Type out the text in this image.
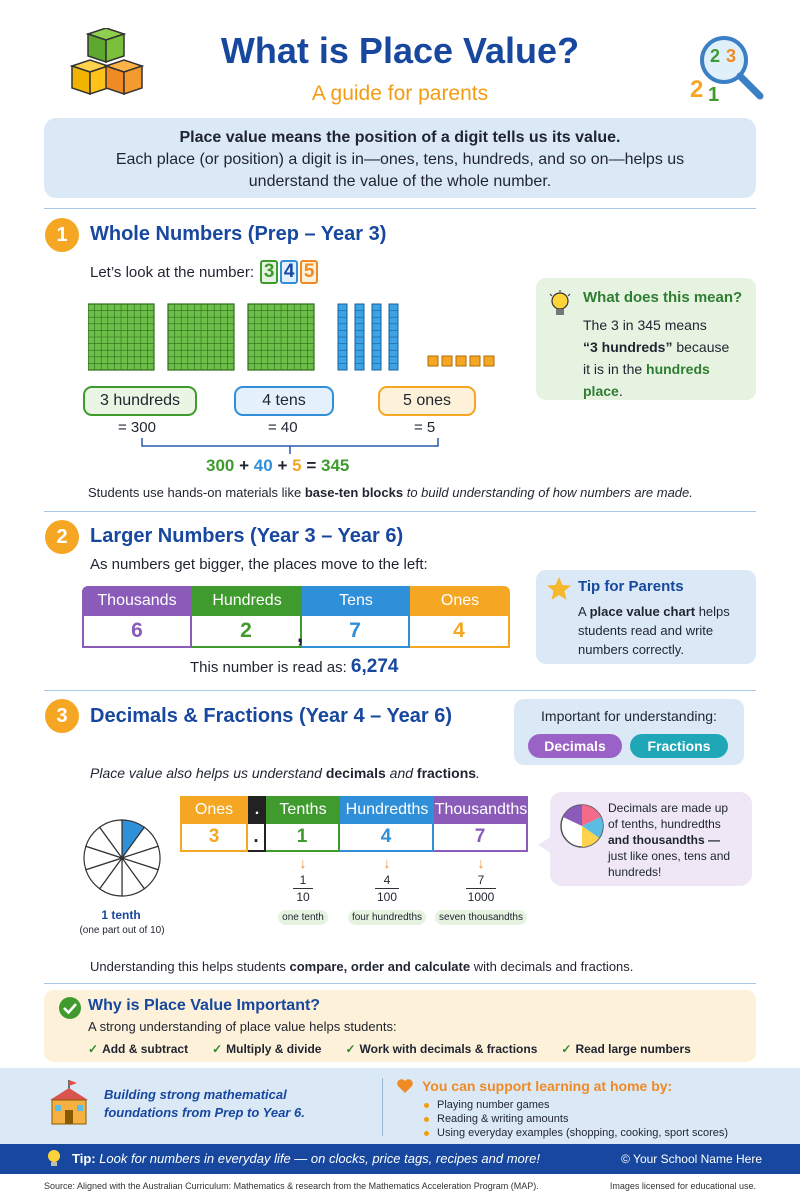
What is Place Value?
A guide for parents
2 3
2 1
Place value means the position of a digit tells us its value.
Each place (or position) a digit is in—ones, tens, hundreds, and so on—helps us
understand the value of the whole number.
1	Whole Numbers (Prep – Year 3)
Let’s look at the number: 3 4 5
3 hundreds	4 tens	5 ones
= 300	= 40	= 5
300 + 40 + 5 = 345
Students use hands-on materials like base-ten blocks to build understanding of how numbers are made.
What does this mean?
The 3 in 345 means
“3 hundreds” because
it is in the hundreds
place.
2	Larger Numbers (Year 3 – Year 6)
As numbers get bigger, the places move to the left:
Thousands	Hundreds	Tens	Ones
6	2	7	4
,
This number is read as: 6,274
Tip for Parents
A place value chart helps
students read and write
numbers correctly.
3	Decimals & Fractions (Year 4 – Year 6)	Important for understanding:
Decimals	Fractions
Place value also helps us understand decimals and fractions.
1 tenth
(one part out of 10)
Ones	.	Tenths	Hundredths Thousandths
3	.	1	4	7
↓
1
10
one tenth
↓
4
100
four hundredths
↓
7
1000
seven thousandths
Decimals are made up
of tenths, hundredths
and thousandths —
just like ones, tens and
hundreds!
Understanding this helps students compare, order and calculate with decimals and fractions.
Why is Place Value Important?
A strong understanding of place value helps students:
✓ Add & subtract ✓ Multiply & divide ✓ Work with decimals & fractions ✓ Read large numbers
Building strong mathematical foundations from Prep to Year 6.
You can support learning at home by:
Playing number games
Reading & writing amounts
Using everyday examples (shopping, cooking, sport scores)
Tip: Look for numbers in everyday life — on clocks, price tags, recipes and more!	© Your School Name Here
Source: Aligned with the Australian Curriculum: Mathematics & research from the Mathematics Acceleration Program (MAP).	Images licensed for educational use.
